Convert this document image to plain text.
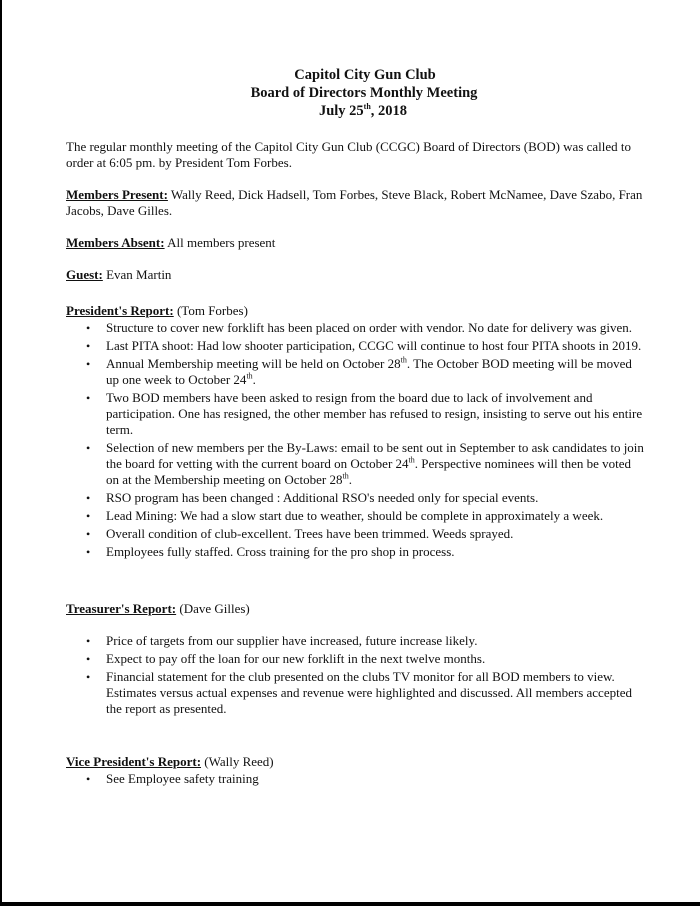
Capitol City Gun Club
Board of Directors Monthly Meeting
July 25th, 2018

The regular monthly meeting of the Capitol City Gun Club (CCGC) Board of Directors (BOD) was called to order at 6:05 pm. by President Tom Forbes.

Members Present: Wally Reed, Dick Hadsell, Tom Forbes, Steve Black, Robert McNamee, Dave Szabo, Fran Jacobs, Dave Gilles.

Members Absent: All members present

Guest: Evan Martin

President's Report: (Tom Forbes)

• Structure to cover new forklift has been placed on order with vendor. No date for delivery was given.
• Last PITA shoot: Had low shooter participation, CCGC will continue to host four PITA shoots in 2019.
• Annual Membership meeting will be held on October 28th. The October BOD meeting will be moved up one week to October 24th.
• Two BOD members have been asked to resign from the board due to lack of involvement and participation. One has resigned, the other member has refused to resign, insisting to serve out his entire term.
• Selection of new members per the By-Laws: email to be sent out in September to ask candidates to join the board for vetting with the current board on October 24th. Perspective nominees will then be voted on at the Membership meeting on October 28th.
• RSO program has been changed : Additional RSO's needed only for special events.
• Lead Mining: We had a slow start due to weather, should be complete in approximately a week.
• Overall condition of club-excellent. Trees have been trimmed. Weeds sprayed.
• Employees fully staffed. Cross training for the pro shop in process.

Treasurer's Report: (Dave Gilles)

• Price of targets from our supplier have increased, future increase likely.
• Expect to pay off the loan for our new forklift in the next twelve months.
• Financial statement for the club presented on the clubs TV monitor for all BOD members to view. Estimates versus actual expenses and revenue were highlighted and discussed. All members accepted the report as presented.

Vice President's Report: (Wally Reed)

• See Employee safety training
